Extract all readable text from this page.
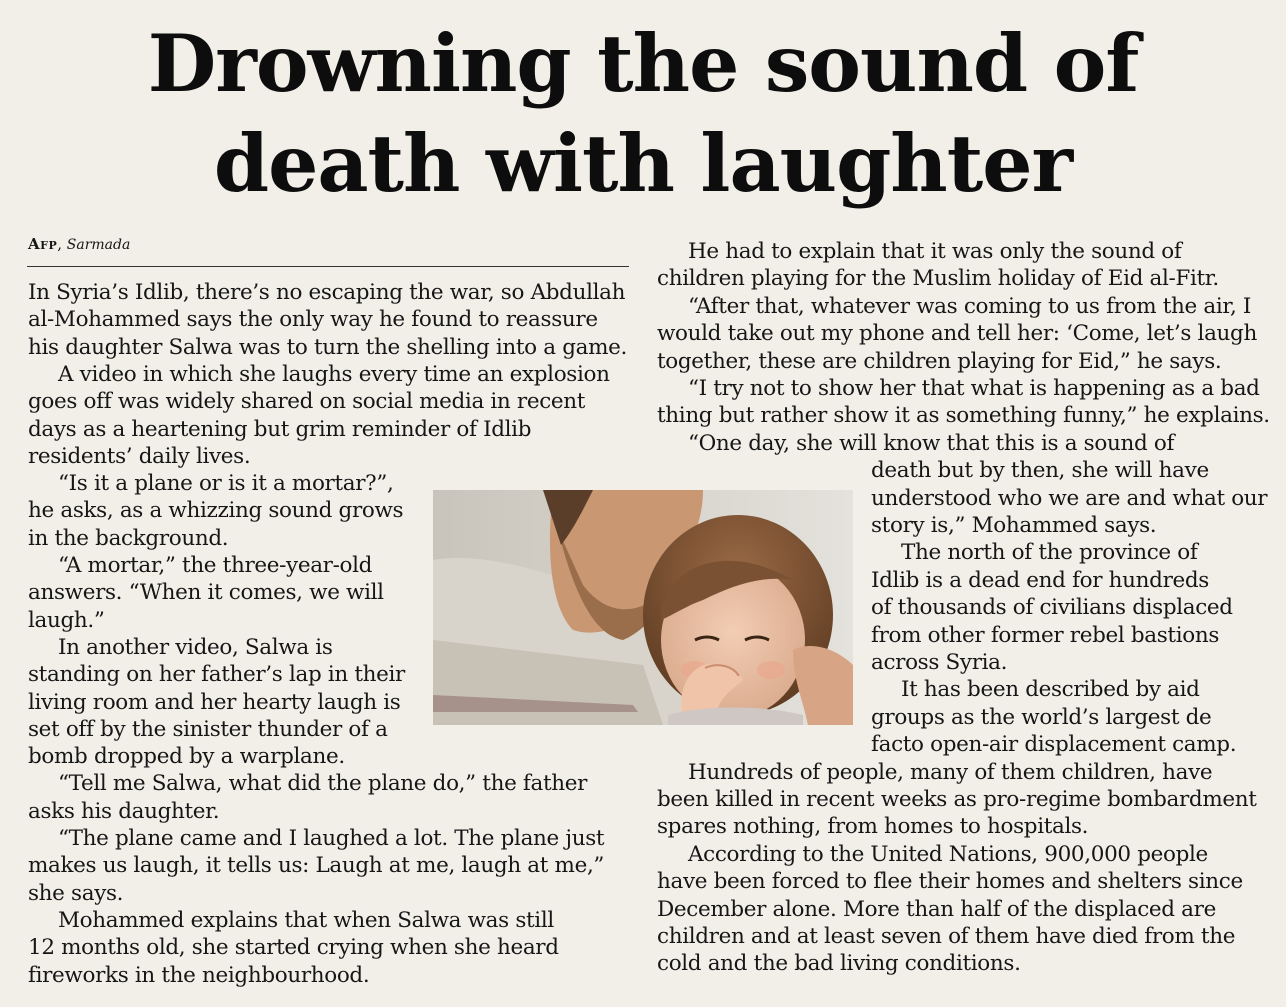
Drowning the sound of
death with laughter
Afp, Sarmada
In Syria’s Idlib, there’s no escaping the war, so Abdullah
al-Mohammed says the only way he found to reassure
his daughter Salwa was to turn the shelling into a game.
A video in which she laughs every time an explosion
goes off was widely shared on social media in recent
days as a heartening but grim reminder of Idlib
residents’ daily lives.
“Is it a plane or is it a mortar?”,
he asks, as a whizzing sound grows
in the background.
“A mortar,” the three-year-old
answers. “When it comes, we will
laugh.”
In another video, Salwa is
standing on her father’s lap in their
living room and her hearty laugh is
set off by the sinister thunder of a
bomb dropped by a warplane.
“Tell me Salwa, what did the plane do,” the father
asks his daughter.
“The plane came and I laughed a lot. The plane just
makes us laugh, it tells us: Laugh at me, laugh at me,”
she says.
Mohammed explains that when Salwa was still
12 months old, she started crying when she heard
fireworks in the neighbourhood.
He had to explain that it was only the sound of
children playing for the Muslim holiday of Eid al-Fitr.
“After that, whatever was coming to us from the air, I
would take out my phone and tell her: ‘Come, let’s laugh
together, these are children playing for Eid,” he says.
“I try not to show her that what is happening as a bad
thing but rather show it as something funny,” he explains.
“One day, she will know that this is a sound of
death but by then, she will have
understood who we are and what our
story is,” Mohammed says.
The north of the province of
Idlib is a dead end for hundreds
of thousands of civilians displaced
from other former rebel bastions
across Syria.
It has been described by aid
groups as the world’s largest de
facto open-air displacement camp.
Hundreds of people, many of them children, have
been killed in recent weeks as pro-regime bombardment
spares nothing, from homes to hospitals.
According to the United Nations, 900,000 people
have been forced to flee their homes and shelters since
December alone. More than half of the displaced are
children and at least seven of them have died from the
cold and the bad living conditions.
